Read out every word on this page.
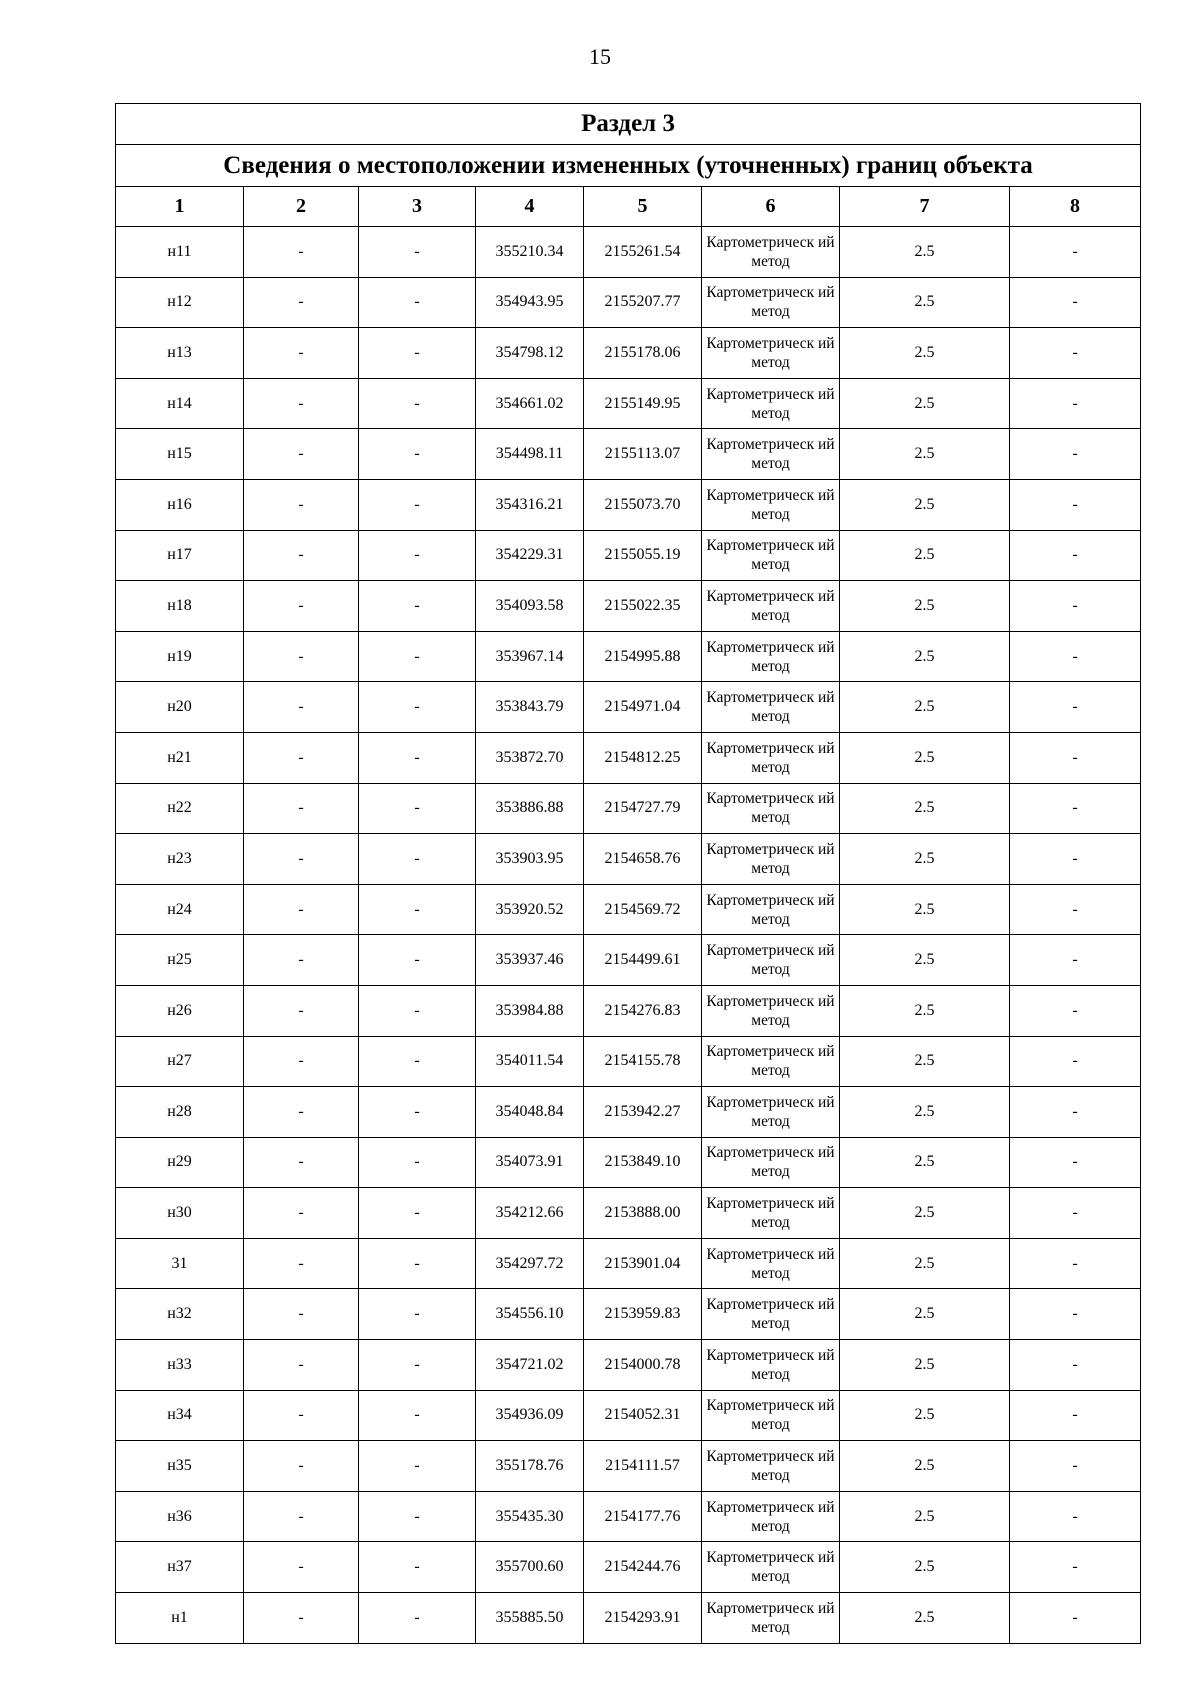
15
Раздел 3							
Сведения о местоположении измененных (уточненных) границ объекта							
1	2	3	4	5	6	7	8
н11	-	-	355210.34	2155261.54	Картометрическ ий метод	2.5	-
н12	-	-	354943.95	2155207.77	Картометрическ ий метод	2.5	-
н13	-	-	354798.12	2155178.06	Картометрическ ий метод	2.5	-
н14	-	-	354661.02	2155149.95	Картометрическ ий метод	2.5	-
н15	-	-	354498.11	2155113.07	Картометрическ ий метод	2.5	-
н16	-	-	354316.21	2155073.70	Картометрическ ий метод	2.5	-
н17	-	-	354229.31	2155055.19	Картометрическ ий метод	2.5	-
н18	-	-	354093.58	2155022.35	Картометрическ ий метод	2.5	-
н19	-	-	353967.14	2154995.88	Картометрическ ий метод	2.5	-
н20	-	-	353843.79	2154971.04	Картометрическ ий метод	2.5	-
н21	-	-	353872.70	2154812.25	Картометрическ ий метод	2.5	-
н22	-	-	353886.88	2154727.79	Картометрическ ий метод	2.5	-
н23	-	-	353903.95	2154658.76	Картометрическ ий метод	2.5	-
н24	-	-	353920.52	2154569.72	Картометрическ ий метод	2.5	-
н25	-	-	353937.46	2154499.61	Картометрическ ий метод	2.5	-
н26	-	-	353984.88	2154276.83	Картометрическ ий метод	2.5	-
н27	-	-	354011.54	2154155.78	Картометрическ ий метод	2.5	-
н28	-	-	354048.84	2153942.27	Картометрическ ий метод	2.5	-
н29	-	-	354073.91	2153849.10	Картометрическ ий метод	2.5	-
н30	-	-	354212.66	2153888.00	Картометрическ ий метод	2.5	-
31	-	-	354297.72	2153901.04	Картометрическ ий метод	2.5	-
н32	-	-	354556.10	2153959.83	Картометрическ ий метод	2.5	-
н33	-	-	354721.02	2154000.78	Картометрическ ий метод	2.5	-
н34	-	-	354936.09	2154052.31	Картометрическ ий метод	2.5	-
н35	-	-	355178.76	2154111.57	Картометрическ ий метод	2.5	-
н36	-	-	355435.30	2154177.76	Картометрическ ий метод	2.5	-
н37	-	-	355700.60	2154244.76	Картометрическ ий метод	2.5	-
н1	-	-	355885.50	2154293.91	Картометрическ ий метод	2.5	-
